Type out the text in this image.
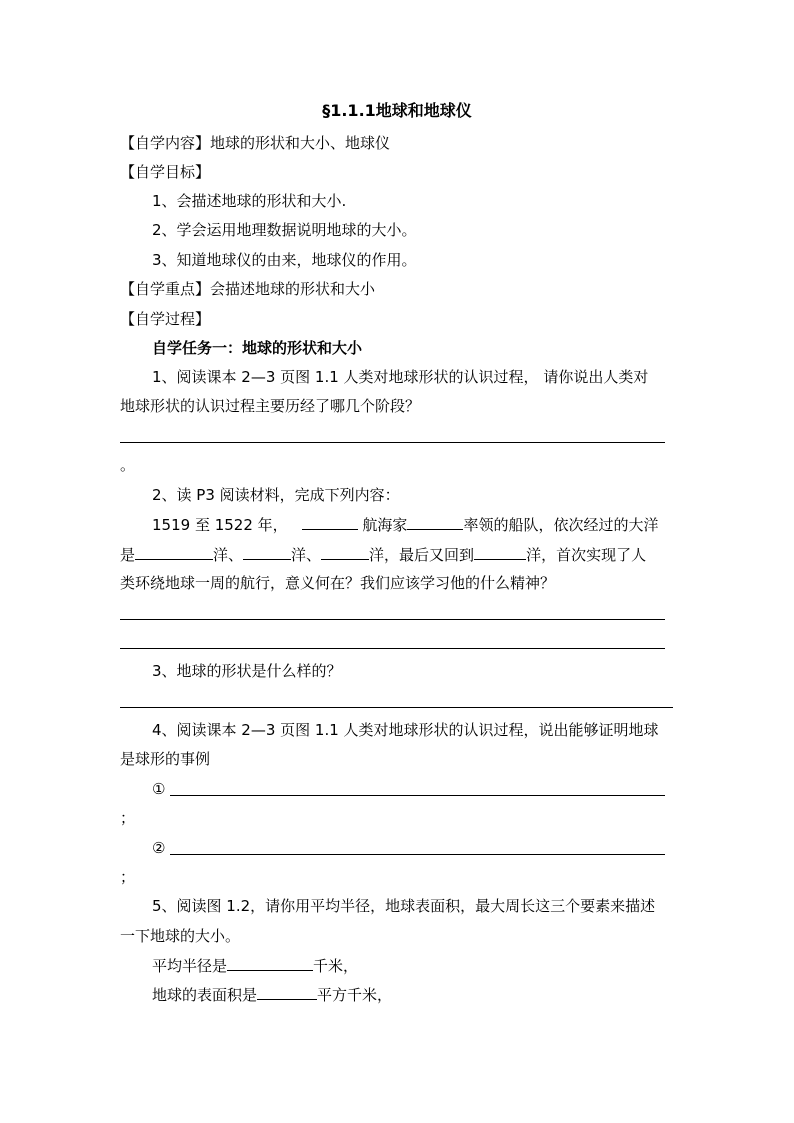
§1.1.1地球和地球仪
【自学内容】地球的形状和大小、地球仪
【自学目标】
1、会描述地球的形状和大小.
2、学会运用地理数据说明地球的大小。
3、知道地球仪的由来，地球仪的作用。
【自学重点】会描述地球的形状和大小
【自学过程】
自学任务一：地球的形状和大小
1、阅读课本 2—3 页图 1.1 人类对地球形状的认识过程， 请你说出人类对
地球形状的认识过程主要历经了哪几个阶段？
。
2、读 P3 阅读材料，完成下列内容：
1519 至 1522 年，	航海家	率领的船队，依次经过的大洋
是	洋、	洋、	洋，最后又回到	洋，首次实现了人
类环绕地球一周的航行，意义何在？我们应该学习他的什么精神？
3、地球的形状是什么样的？
4、阅读课本 2—3 页图 1.1 人类对地球形状的认识过程，说出能够证明地球
是球形的事例
①
；
②
；
5、阅读图 1.2，请你用平均半径，地球表面积，最大周长这三个要素来描述
一下地球的大小。
平均半径是	千米，
地球的表面积是	平方千米，
